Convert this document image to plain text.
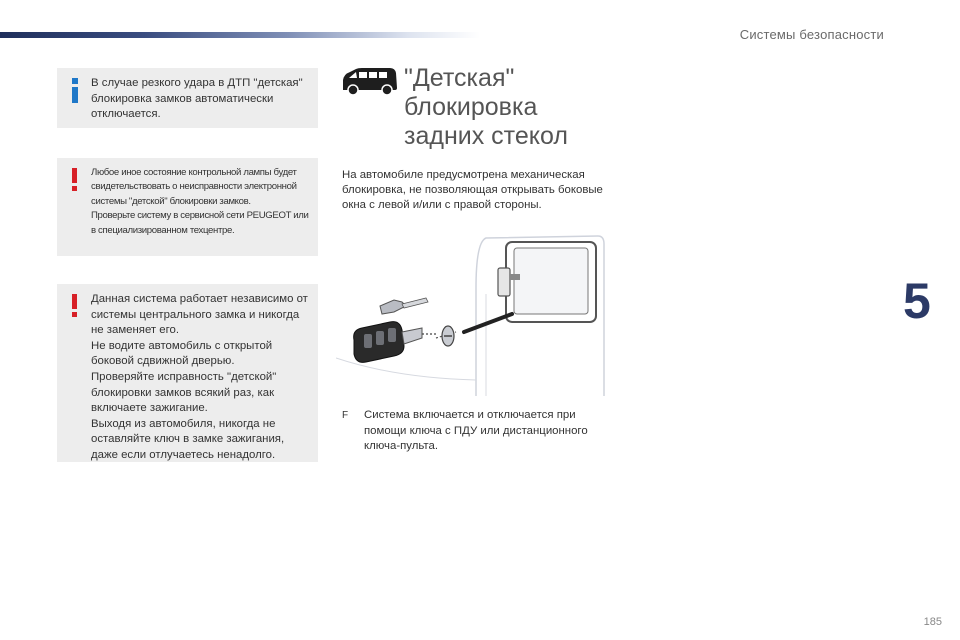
Системы безопасности
5
В случае резкого удара в ДТП "детская" блокировка замков автоматически отключается.

Любое иное состояние контрольной лампы будет свидетельствовать о неисправности электронной системы "детской" блокировки замков.

Проверьте систему в сервисной сети PEUGEOT или в специализированном техцентре.

Данная система работает независимо от системы центрального замка и никогда не заменяет его.

Не водите автомобиль с открытой боковой сдвижной дверью.

Проверяйте исправность "детской" блокировки замков всякий раз, как включаете зажигание.

Выходя из автомобиля, никогда не оставляйте ключ в замке зажигания, даже если отлучаетесь ненадолго.

"Детская"
блокировка
задних стекол
На автомобиле предусмотрена механическая блокировка, не позволяющая открывать боковые окна с левой и/или с правой стороны.
F Система включается и отключается при помощи ключа с ПДУ или дистанционного ключа-пульта.
185
